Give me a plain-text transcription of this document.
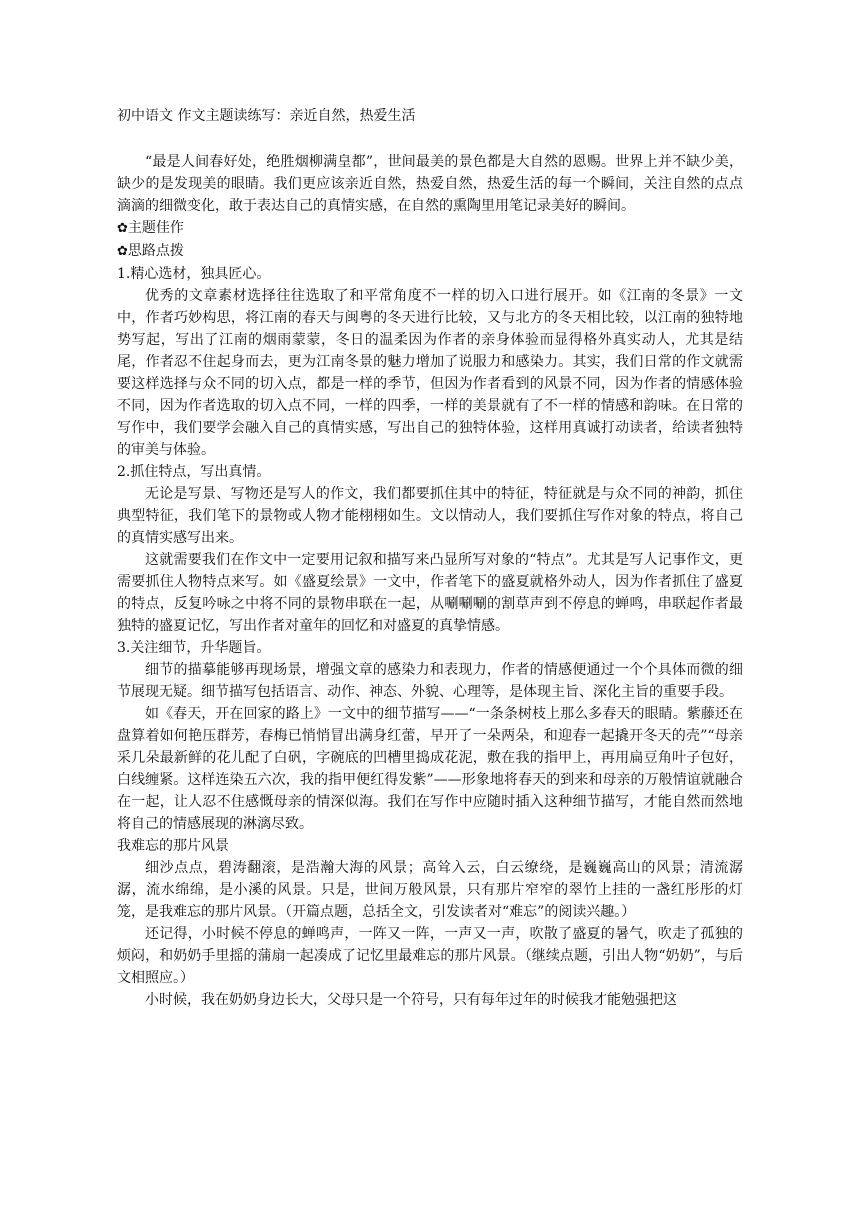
初中语文 作文主题读练写：亲近自然，热爱生活

“最是人间春好处，绝胜烟柳满皇都”，世间最美的景色都是大自然的恩赐。世界上并不缺少美，缺少的是发现美的眼睛。我们更应该亲近自然，热爱自然，热爱生活的每一个瞬间，关注自然的点点滴滴的细微变化，敢于表达自己的真情实感，在自然的熏陶里用笔记录美好的瞬间。

✿主题佳作

✿思路点拨

1.精心选材，独具匠心。

优秀的文章素材选择往往选取了和平常角度不一样的切入口进行展开。如《江南的冬景》一文中，作者巧妙构思，将江南的春天与闽粤的冬天进行比较，又与北方的冬天相比较，以江南的独特地势写起，写出了江南的烟雨蒙蒙，冬日的温柔因为作者的亲身体验而显得格外真实动人，尤其是结尾，作者忍不住起身而去，更为江南冬景的魅力增加了说服力和感染力。其实，我们日常的作文就需要这样选择与众不同的切入点，都是一样的季节，但因为作者看到的风景不同，因为作者的情感体验不同，因为作者选取的切入点不同，一样的四季，一样的美景就有了不一样的情感和韵味。在日常的写作中，我们要学会融入自己的真情实感，写出自己的独特体验，这样用真诚打动读者，给读者独特的审美与体验。

2.抓住特点，写出真情。

无论是写景、写物还是写人的作文，我们都要抓住其中的特征，特征就是与众不同的神韵，抓住典型特征，我们笔下的景物或人物才能栩栩如生。文以情动人，我们要抓住写作对象的特点，将自己的真情实感写出来。

这就需要我们在作文中一定要用记叙和描写来凸显所写对象的“特点”。尤其是写人记事作文，更需要抓住人物特点来写。如《盛夏绘景》一文中，作者笔下的盛夏就格外动人，因为作者抓住了盛夏的特点，反复吟咏之中将不同的景物串联在一起，从唰唰唰的割草声到不停息的蝉鸣，串联起作者最独特的盛夏记忆，写出作者对童年的回忆和对盛夏的真挚情感。

3.关注细节，升华题旨。

细节的描摹能够再现场景，增强文章的感染力和表现力，作者的情感便通过一个个具体而微的细节展现无疑。细节描写包括语言、动作、神态、外貌、心理等，是体现主旨、深化主旨的重要手段。

如《春天，开在回家的路上》一文中的细节描写——“一条条树枝上那么多春天的眼睛。紫藤还在盘算着如何艳压群芳，春梅已悄悄冒出满身红蕾，早开了一朵两朵，和迎春一起撬开冬天的壳”“母亲采几朵最新鲜的花儿配了白矾，字碗底的凹槽里捣成花泥，敷在我的指甲上，再用扁豆角叶子包好，白线缠紧。这样连染五六次，我的指甲便红得发紫”——形象地将春天的到来和母亲的万般情谊就融合在一起，让人忍不住感慨母亲的情深似海。我们在写作中应随时插入这种细节描写，才能自然而然地将自己的情感展现的淋漓尽致。

我难忘的那片风景

细沙点点，碧涛翻滚，是浩瀚大海的风景；高耸入云，白云缭绕，是巍巍高山的风景；清流潺潺，流水绵绵，是小溪的风景。只是，世间万般风景，只有那片窄窄的翠竹上挂的一盏红彤彤的灯笼，是我难忘的那片风景。（开篇点题，总括全文，引发读者对“难忘”的阅读兴趣。）

还记得，小时候不停息的蝉鸣声，一阵又一阵，一声又一声，吹散了盛夏的暑气，吹走了孤独的烦闷，和奶奶手里摇的蒲扇一起凑成了记忆里最难忘的那片风景。（继续点题，引出人物“奶奶”，与后文相照应。）

小时候，我在奶奶身边长大，父母只是一个符号，只有每年过年的时候我才能勉强把这
